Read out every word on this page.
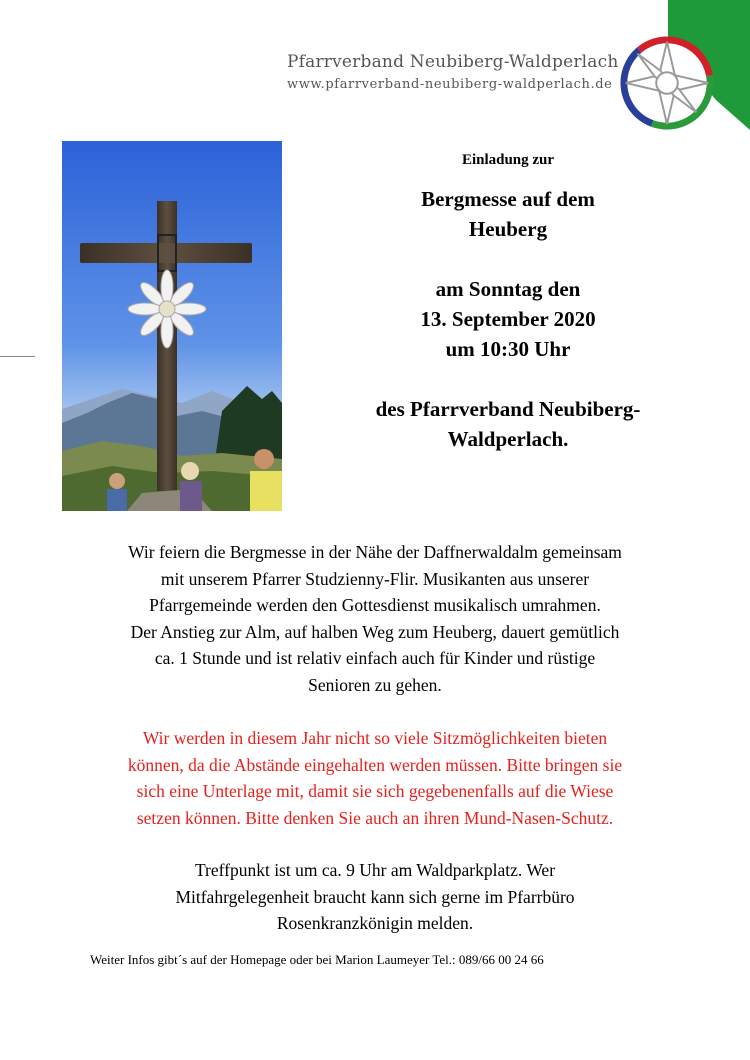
Pfarrverband Neubiberg-Waldperlach
www.pfarrverband-neubiberg-waldperlach.de
Einladung zur
Bergmesse auf dem
Heuberg
am Sonntag den
13. September 2020
um 10:30 Uhr
des Pfarrverband Neubiberg-
Waldperlach.
Wir feiern die Bergmesse in der Nähe der Daffnerwaldalm gemeinsam
mit unserem Pfarrer Studzienny-Flir. Musikanten aus unserer
Pfarrgemeinde werden den Gottesdienst musikalisch umrahmen.
Der Anstieg zur Alm, auf halben Weg zum Heuberg, dauert gemütlich
ca. 1 Stunde und ist relativ einfach auch für Kinder und rüstige
Senioren zu gehen.
Wir werden in diesem Jahr nicht so viele Sitzmöglichkeiten bieten
können, da die Abstände eingehalten werden müssen. Bitte bringen sie
sich eine Unterlage mit, damit sie sich gegebenenfalls auf die Wiese
setzen können. Bitte denken Sie auch an ihren Mund-Nasen-Schutz.
Treffpunkt ist um ca. 9 Uhr am Waldparkplatz. Wer
Mitfahrgelegenheit braucht kann sich gerne im Pfarrbüro
Rosenkranzkönigin melden.
Weiter Infos gibt´s auf der Homepage oder bei Marion Laumeyer Tel.: 089/66 00 24 66
